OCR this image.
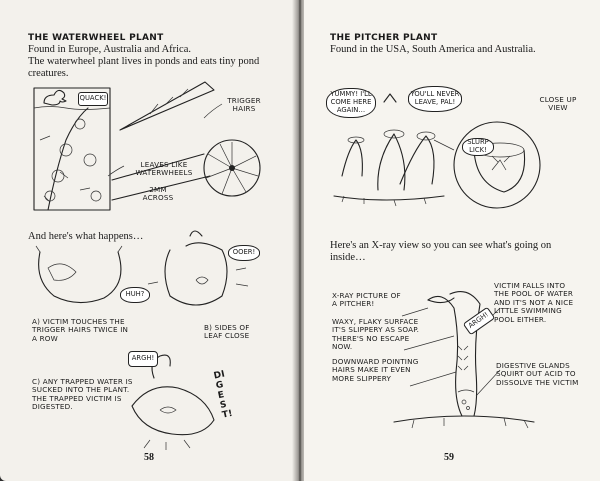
THE WATERWHEEL PLANT
Found in Europe, Australia and Africa.
The waterwheel plant lives in ponds and eats tiny pond creatures.
QUACK!	TRIGGER HAIRS
LEAVES LIKE WATERWHEELS
2MM ACROSS
And here's what happens…
HUH?
OOER!
ARGH!
A) VICTIM TOUCHES THE TRIGGER HAIRS TWICE IN A ROW
B) SIDES OF LEAF CLOSE
C) ANY TRAPPED WATER IS SUCKED INTO THE PLANT. THE TRAPPED VICTIM IS DIGESTED.
DIGEST!
58
THE PITCHER PLANT
Found in the USA, South America and Australia.
YUMMY! I'LL COME HERE AGAIN…
YOU'LL NEVER LEAVE, PAL!
SLURP LICK!
CLOSE UP VIEW
Here's an X-ray view so you can see what's going on inside…
ARGH!
X-RAY PICTURE OF A PITCHER!
WAXY, FLAKY SURFACE IT'S SLIPPERY AS SOAP. THERE'S NO ESCAPE NOW.
DOWNWARD POINTING HAIRS MAKE IT EVEN MORE SLIPPERY
VICTIM FALLS INTO THE POOL OF WATER AND IT'S NOT A NICE LITTLE SWIMMING POOL EITHER.
DIGESTIVE GLANDS SQUIRT OUT ACID TO DISSOLVE THE VICTIM
59
